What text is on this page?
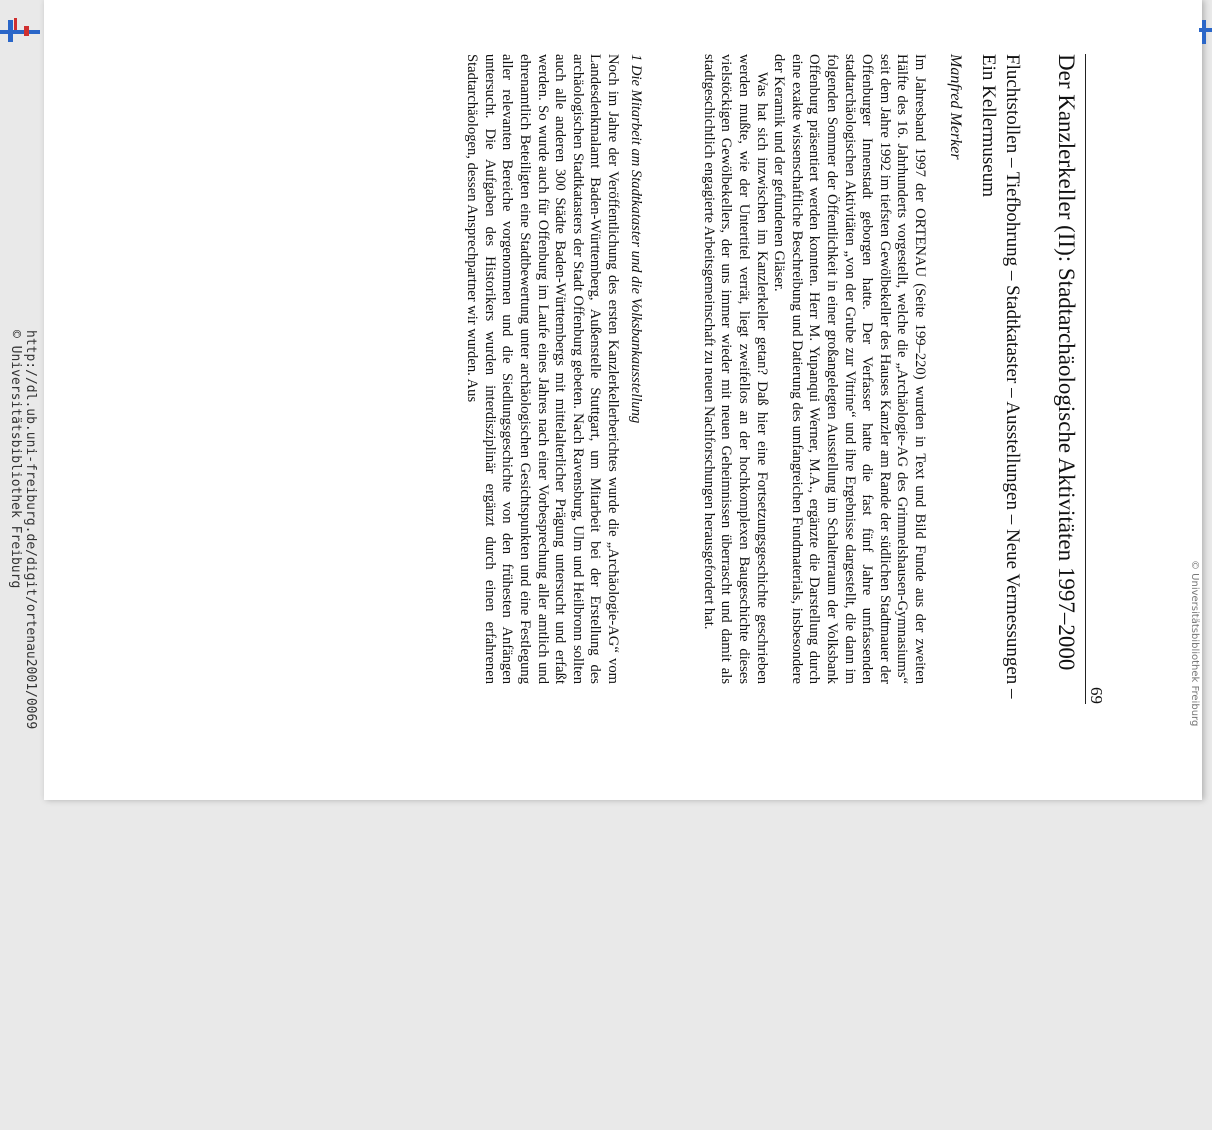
http://dl.ub.uni-freiburg.de/digit/ortenau2001/0069
© Universitätsbibliothek Freiburg
© Universitätsbibliothek Freiburg
69
Der Kanzlerkeller (II): Stadtarchäologische Aktivitäten 1997–2000
Fluchtstollen – Tiefbohrung – Stadtkataster – Ausstellungen – Neue Vermessungen – Ein Kellermuseum
Manfred Merker

Im Jahresband 1997 der ORTENAU (Seite 199–220) wurden in Text und Bild Funde aus der zweiten Hälfte des 16. Jahrhunderts vorgestellt, welche die „Archäologie-AG des Grimmelshausen-Gymnasiums“ seit dem Jahre 1992 im tiefsten Gewölbekeller des Hauses Kanzler am Rande der südlichen Stadtmauer der Offenburger Innenstadt geborgen hatte. Der Verfasser hatte die fast fünf Jahre umfassenden stadtarchäologischen Aktivitäten „von der Grube zur Vitrine“ und ihre Ergebnisse dargestellt, die dann im folgenden Sommer der Öffentlichkeit in einer großangelegten Ausstellung im Schalterraum der Volksbank Offenburg präsentiert werden konnten. Herr M. Yupanqui Werner, M.A., ergänzte die Darstellung durch eine exakte wissenschaftliche Beschreibung und Datierung des umfangreichen Fundmaterials, insbesondere der Keramik und der gefundenen Gläser.

Was hat sich inzwischen im Kanzlerkeller getan? Daß hier eine Fortsetzungsgeschichte geschrieben werden mußte, wie der Untertitel verrät, liegt zweifellos an der hochkomplexen Baugeschichte dieses vielstöckigen Gewölbekellers, der uns immer wieder mit neuen Geheimnissen überrascht und damit als stadtgeschichtlich engagierte Arbeitsgemeinschaft zu neuen Nachforschungen herausgefordert hat.

1 Die Mitarbeit am Stadtkataster und die Volksbankausstellung

Noch im Jahre der Veröffentlichung des ersten Kanzlerkellerberichtes wurde die „Archäologie-AG“ vom Landesdenkmalamt Baden-Württemberg, Außenstelle Stuttgart, um Mitarbeit bei der Erstellung des archäologischen Stadtkatasters der Stadt Offenburg gebeten. Nach Ravensburg, Ulm und Heilbronn sollten auch alle anderen 300 Städte Baden-Württembergs mit mittelalterlicher Prägung untersucht und erfaßt werden. So wurde auch für Offenburg im Laufe eines Jahres nach einer Vorbesprechung aller amtlich und ehrenamtlich Beteiligten eine Stadtbewertung unter archäologischen Gesichtspunkten und eine Festlegung aller relevanten Bereiche vorgenommen und die Siedlungsgeschichte von den frühesten Anfängen untersucht. Die Aufgaben des Historikers wurden interdisziplinär ergänzt durch einen erfahrenen Stadtarchäologen, dessen Ansprechpartner wir wurden. Aus
